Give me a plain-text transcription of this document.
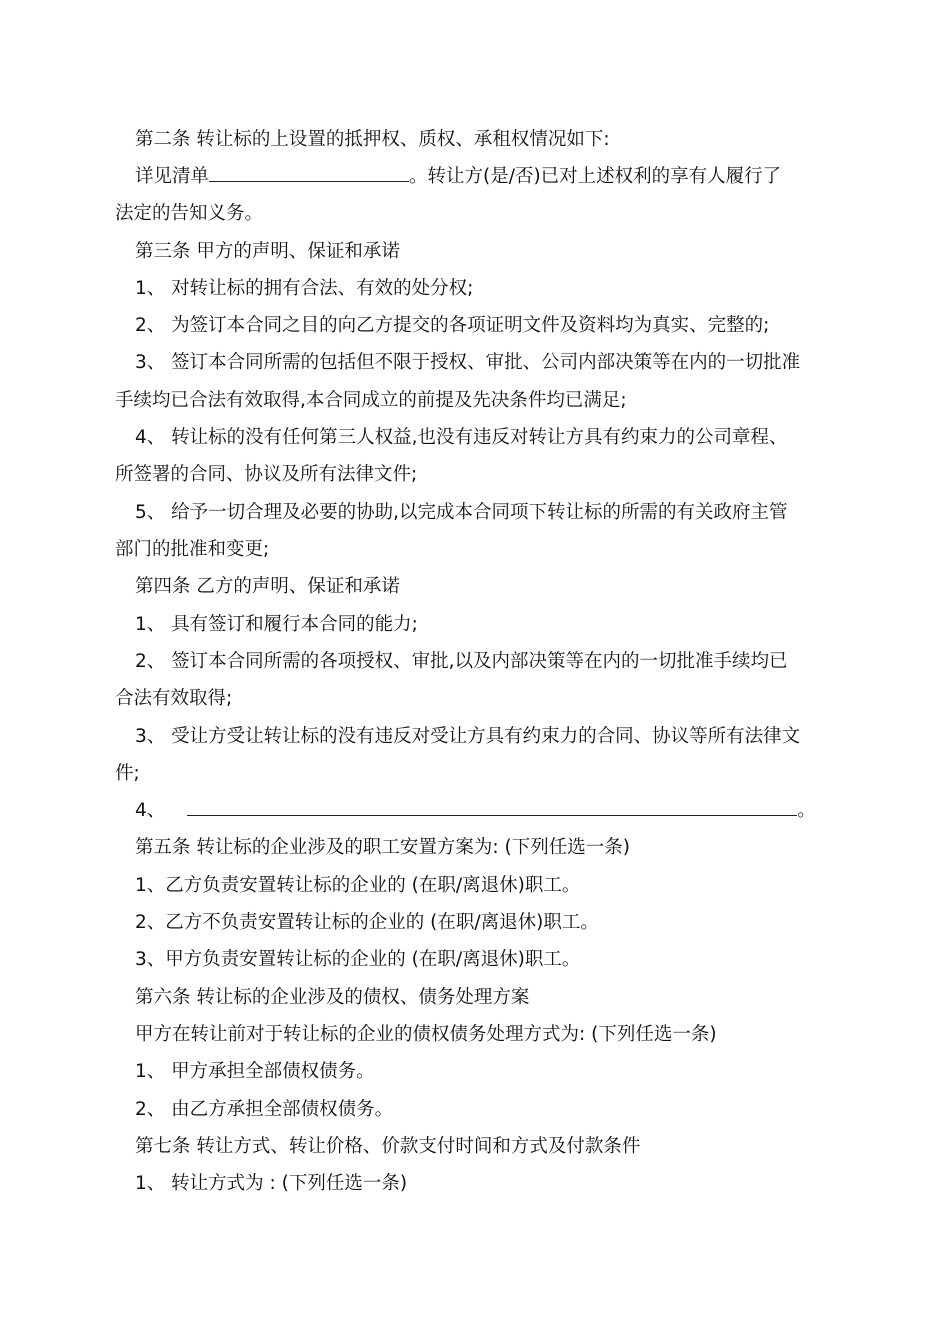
第二条 转让标的上设置的抵押权、质权、承租权情况如下:
详见清单	。转让方(是/否)已对上述权利的享有人履行了
法定的告知义务。
第三条 甲方的声明、保证和承诺
1、 对转让标的拥有合法、有效的处分权;
2、 为签订本合同之目的向乙方提交的各项证明文件及资料均为真实、完整的;
3、 签订本合同所需的包括但不限于授权、审批、公司内部决策等在内的一切批准
手续均已合法有效取得,本合同成立的前提及先决条件均已满足;
4、 转让标的没有任何第三人权益,也没有违反对转让方具有约束力的公司章程、
所签署的合同、协议及所有法律文件;
5、 给予一切合理及必要的协助,以完成本合同项下转让标的所需的有关政府主管
部门的批准和变更;
第四条 乙方的声明、保证和承诺
1、 具有签订和履行本合同的能力;
2、 签订本合同所需的各项授权、审批,以及内部决策等在内的一切批准手续均已
合法有效取得;
3、 受让方受让转让标的没有违反对受让方具有约束力的合同、协议等所有法律文
件;
4、	。
第五条 转让标的企业涉及的职工安置方案为: (下列任选一条)
1、乙方负责安置转让标的企业的 (在职/离退休)职工。
2、乙方不负责安置转让标的企业的 (在职/离退休)职工。
3、甲方负责安置转让标的企业的 (在职/离退休)职工。
第六条 转让标的企业涉及的债权、债务处理方案
甲方在转让前对于转让标的企业的债权债务处理方式为: (下列任选一条)
1、 甲方承担全部债权债务。
2、 由乙方承担全部债权债务。
第七条 转让方式、转让价格、价款支付时间和方式及付款条件
1、 转让方式为 : (下列任选一条)
